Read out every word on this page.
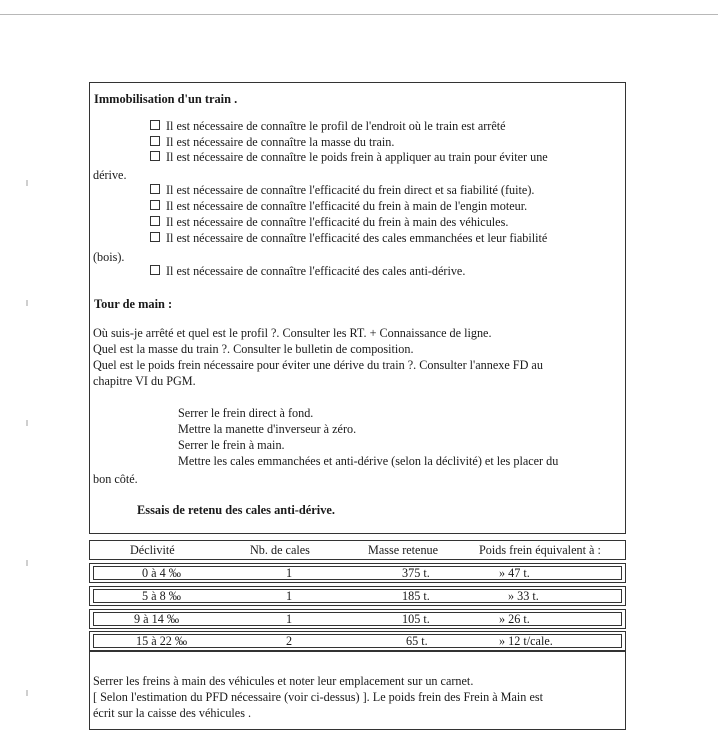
Immobilisation d'un train .
Il est nécessaire de connaître le profil de l'endroit où le train est arrêté
Il est nécessaire de connaître la masse du train.
Il est nécessaire de connaître le poids frein à appliquer au train pour éviter une
dérive.
Il est nécessaire de connaître l'efficacité du frein direct et sa fiabilité (fuite).
Il est nécessaire de connaître l'efficacité du frein à main de l'engin moteur.
Il est nécessaire de connaître l'efficacité du frein à main des véhicules.
Il est nécessaire de connaître l'efficacité des cales emmanchées et leur fiabilité
(bois).
Il est nécessaire de connaître l'efficacité des cales anti-dérive.
Tour de main :
Où suis-je arrêté et quel est le profil ?. Consulter les RT. + Connaissance de ligne.
Quel est la masse du train ?. Consulter le bulletin de composition.
Quel est le poids frein nécessaire pour éviter une dérive du train ?. Consulter l'annexe FD au
chapitre VI du PGM.
Serrer le frein direct à fond.
Mettre la manette d'inverseur à zéro.
Serrer le frein à main.
Mettre les cales emmanchées et anti-dérive (selon la déclivité) et les placer du
bon côté.
Essais de retenu des cales anti-dérive.
Déclivité	Nb. de cales	Masse retenue	Poids frein équivalent à :
0 à 4 ‰	1	375 t.	» 47 t.
5 à 8 ‰	1	185 t.	» 33 t.
9 à 14 ‰	1	105 t.	» 26 t.
15 à 22 ‰	2	65 t.	» 12 t/cale.
Serrer les freins à main des véhicules et noter leur emplacement sur un carnet.
[ Selon l'estimation du PFD nécessaire (voir ci-dessus) ]. Le poids frein des Frein à Main est
écrit sur la caisse des véhicules .
